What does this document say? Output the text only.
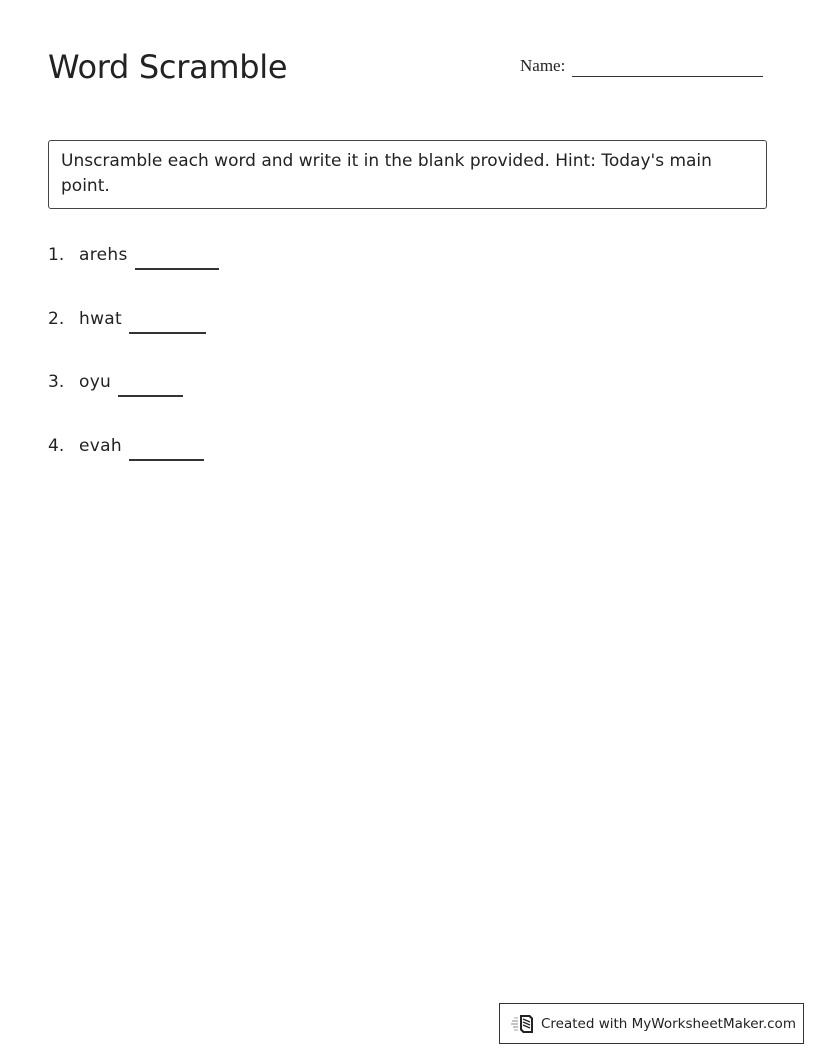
Word Scramble	Name:
Unscramble each word and write it in the blank provided. Hint: Today's main point.
1. arehs
2. hwat
3. oyu
4. evah
Created with MyWorksheetMaker.com
